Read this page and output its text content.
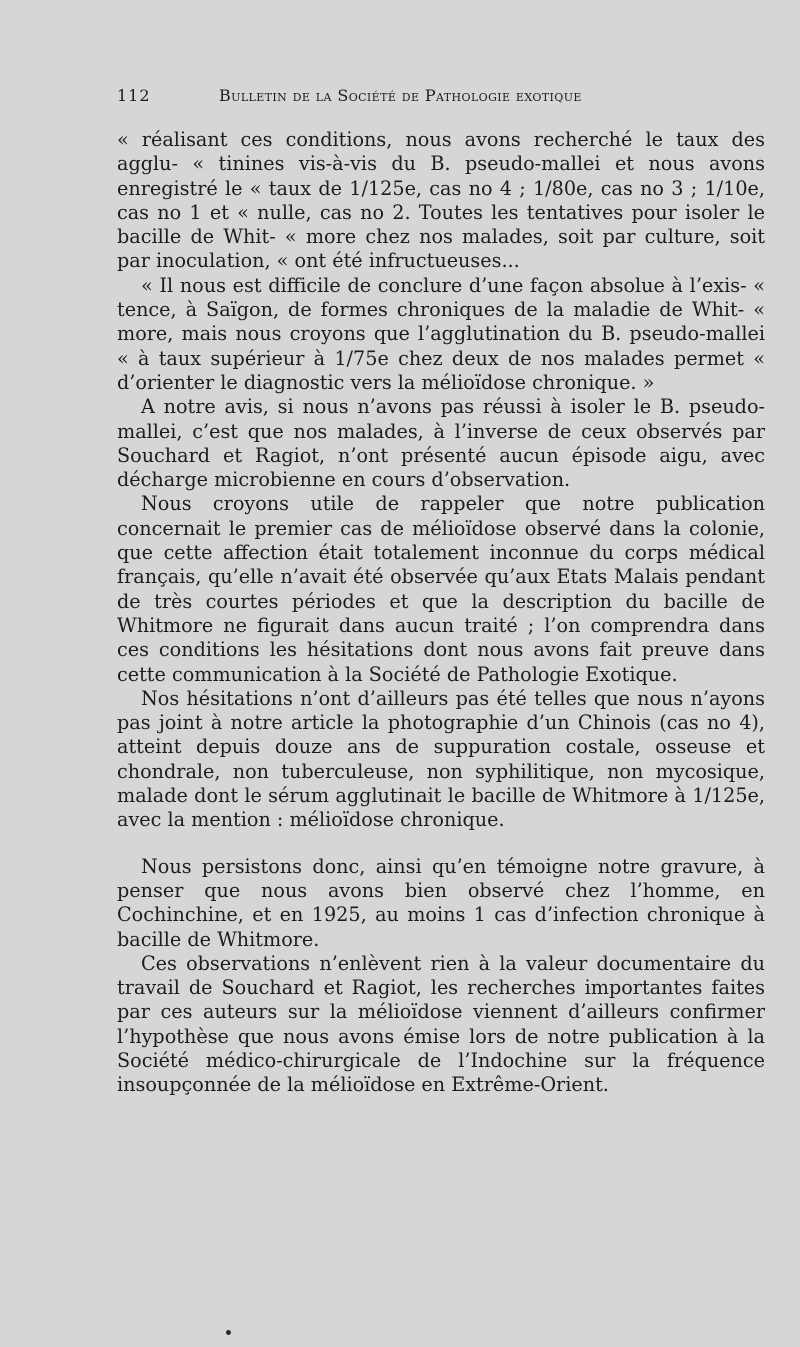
112	Bulletin de la Société de Pathologie exotique

« réalisant ces conditions, nous avons recherché le taux des agglu- « tinines vis-à-vis du B. pseudo-mallei et nous avons enregistré le « taux de 1/125e, cas no 4 ; 1/80e, cas no 3 ; 1/10e, cas no 1 et « nulle, cas no 2. Toutes les tentatives pour isoler le bacille de Whit- « more chez nos malades, soit par culture, soit par inoculation, « ont été infructueuses...

« Il nous est difficile de conclure d’une façon absolue à l’exis- « tence, à Saïgon, de formes chroniques de la maladie de Whit- « more, mais nous croyons que l’agglutination du B. pseudo-mallei « à taux supérieur à 1/75e chez deux de nos malades permet « d’orienter le diagnostic vers la mélioïdose chronique. »

A notre avis, si nous n’avons pas réussi à isoler le B. pseudo-mallei, c’est que nos malades, à l’inverse de ceux observés par Souchard et Ragiot, n’ont présenté aucun épisode aigu, avec décharge microbienne en cours d’observation.

Nous croyons utile de rappeler que notre publication concernait le premier cas de mélioïdose observé dans la colonie, que cette affection était totalement inconnue du corps médical français, qu’elle n’avait été observée qu’aux Etats Malais pendant de très courtes périodes et que la description du bacille de Whitmore ne figurait dans aucun traité ; l’on comprendra dans ces conditions les hésitations dont nous avons fait preuve dans cette communication à la Société de Pathologie Exotique.

Nos hésitations n’ont d’ailleurs pas été telles que nous n’ayons pas joint à notre article la photographie d’un Chinois (cas no 4), atteint depuis douze ans de suppuration costale, osseuse et chondrale, non tuberculeuse, non syphilitique, non mycosique, malade dont le sérum agglutinait le bacille de Whitmore à 1/125e, avec la mention : mélioïdose chronique.

Nous persistons donc, ainsi qu’en témoigne notre gravure, à penser que nous avons bien observé chez l’homme, en Cochinchine, et en 1925, au moins 1 cas d’infection chronique à bacille de Whitmore.

Ces observations n’enlèvent rien à la valeur documentaire du travail de Souchard et Ragiot, les recherches importantes faites par ces auteurs sur la mélioïdose viennent d’ailleurs confirmer l’hypothèse que nous avons émise lors de notre publication à la Société médico-chirurgicale de l’Indochine sur la fréquence insoupçonnée de la mélioïdose en Extrême-Orient.
